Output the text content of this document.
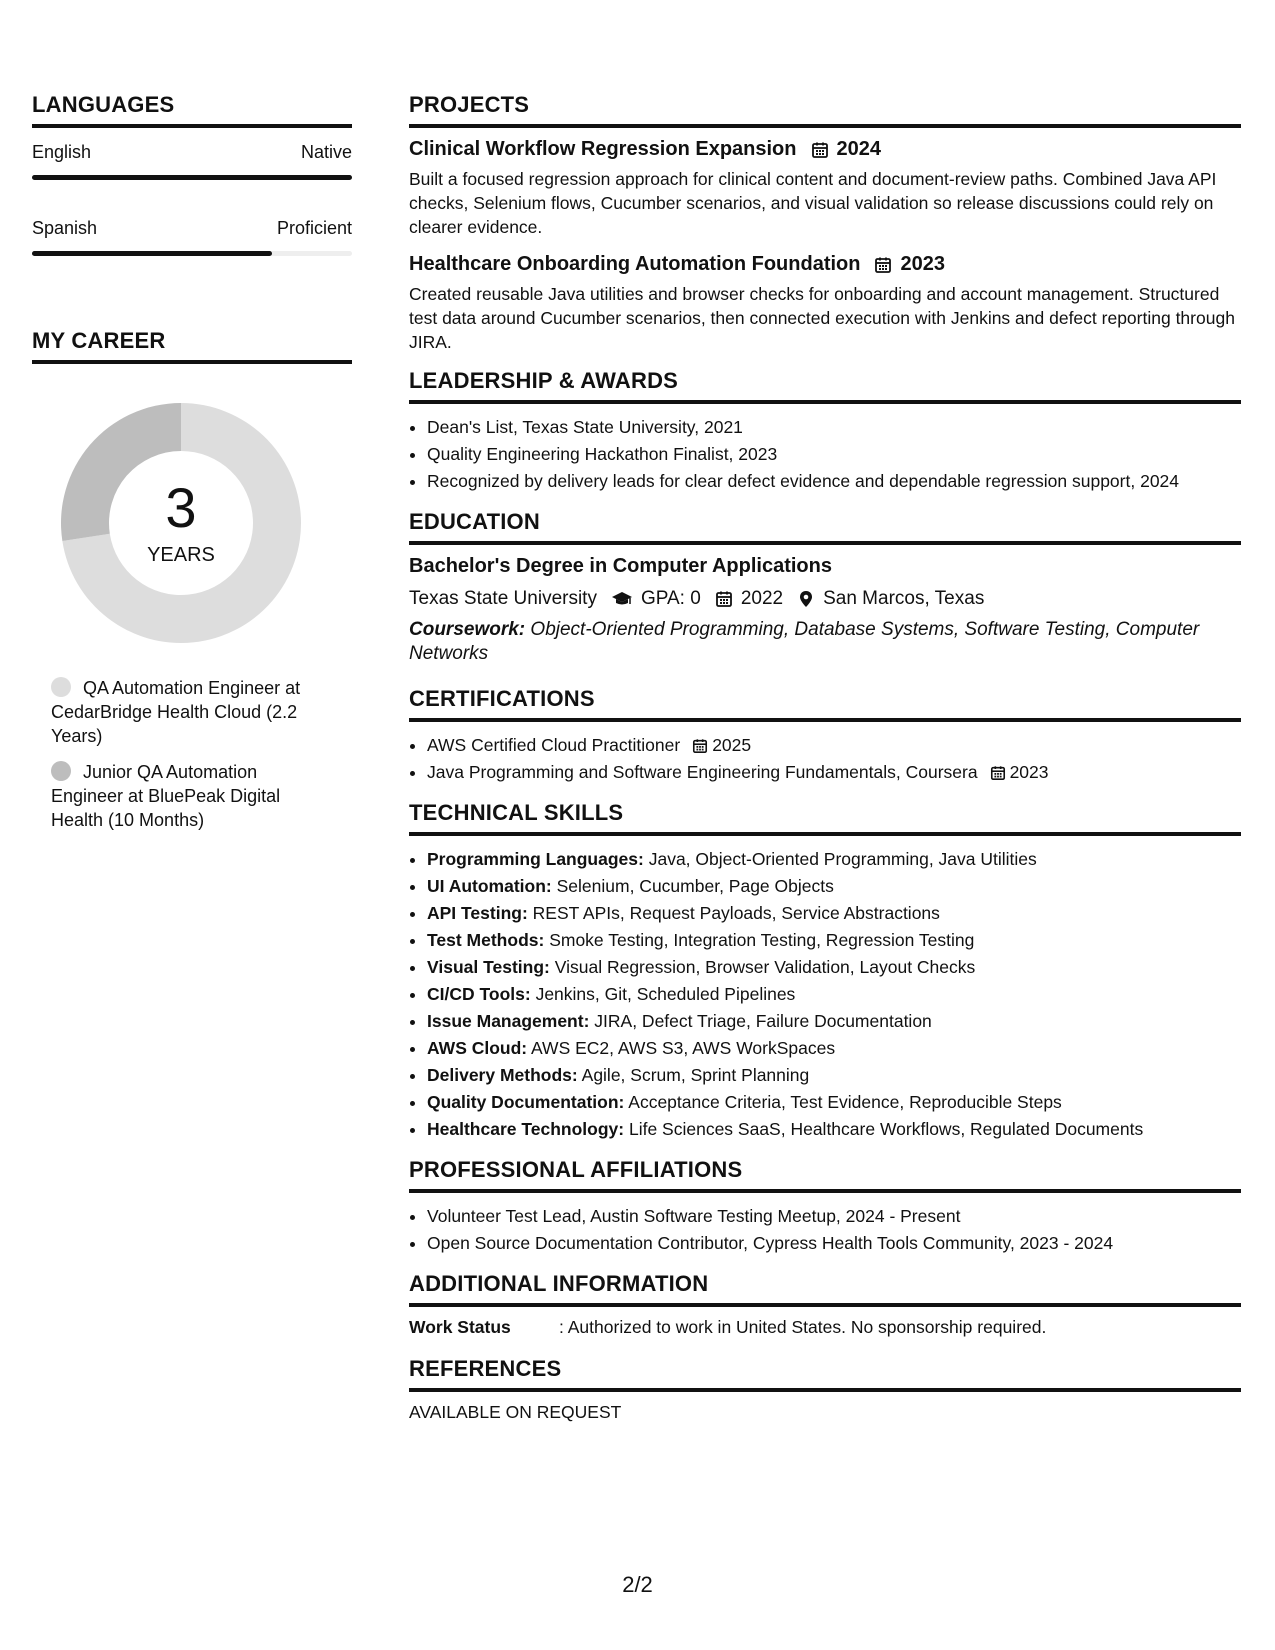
LANGUAGES
English	Native
Spanish	Proficient
MY CAREER
3
YEARS
QA Automation Engineer at CedarBridge Health Cloud (2.2 Years)
Junior QA Automation Engineer at BluePeak Digital Health (10 Months)
PROJECTS
Clinical Workflow Regression Expansion 2024
Built a focused regression approach for clinical content and document-review paths. Combined Java API checks, Selenium flows, Cucumber scenarios, and visual validation so release discussions could rely on clearer evidence.
Healthcare Onboarding Automation Foundation 2023
Created reusable Java utilities and browser checks for onboarding and account management. Structured test data around Cucumber scenarios, then connected execution with Jenkins and defect reporting through JIRA.
LEADERSHIP & AWARDS
• Dean's List, Texas State University, 2021
• Quality Engineering Hackathon Finalist, 2023
• Recognized by delivery leads for clear defect evidence and dependable regression support, 2024
EDUCATION
Bachelor's Degree in Computer Applications
Texas State University GPA: 0 2022 San Marcos, Texas
Coursework: Object-Oriented Programming, Database Systems, Software Testing, Computer Networks
CERTIFICATIONS
• AWS Certified Cloud Practitioner 2025
• Java Programming and Software Engineering Fundamentals, Coursera 2023
TECHNICAL SKILLS
• Programming Languages: Java, Object-Oriented Programming, Java Utilities
• UI Automation: Selenium, Cucumber, Page Objects
• API Testing: REST APIs, Request Payloads, Service Abstractions
• Test Methods: Smoke Testing, Integration Testing, Regression Testing
• Visual Testing: Visual Regression, Browser Validation, Layout Checks
• CI/CD Tools: Jenkins, Git, Scheduled Pipelines
• Issue Management: JIRA, Defect Triage, Failure Documentation
• AWS Cloud: AWS EC2, AWS S3, AWS WorkSpaces
• Delivery Methods: Agile, Scrum, Sprint Planning
• Quality Documentation: Acceptance Criteria, Test Evidence, Reproducible Steps
• Healthcare Technology: Life Sciences SaaS, Healthcare Workflows, Regulated Documents
PROFESSIONAL AFFILIATIONS
• Volunteer Test Lead, Austin Software Testing Meetup, 2024 - Present
• Open Source Documentation Contributor, Cypress Health Tools Community, 2023 - 2024
ADDITIONAL INFORMATION
Work Status	: Authorized to work in United States. No sponsorship required.
REFERENCES
AVAILABLE ON REQUEST
2/2
